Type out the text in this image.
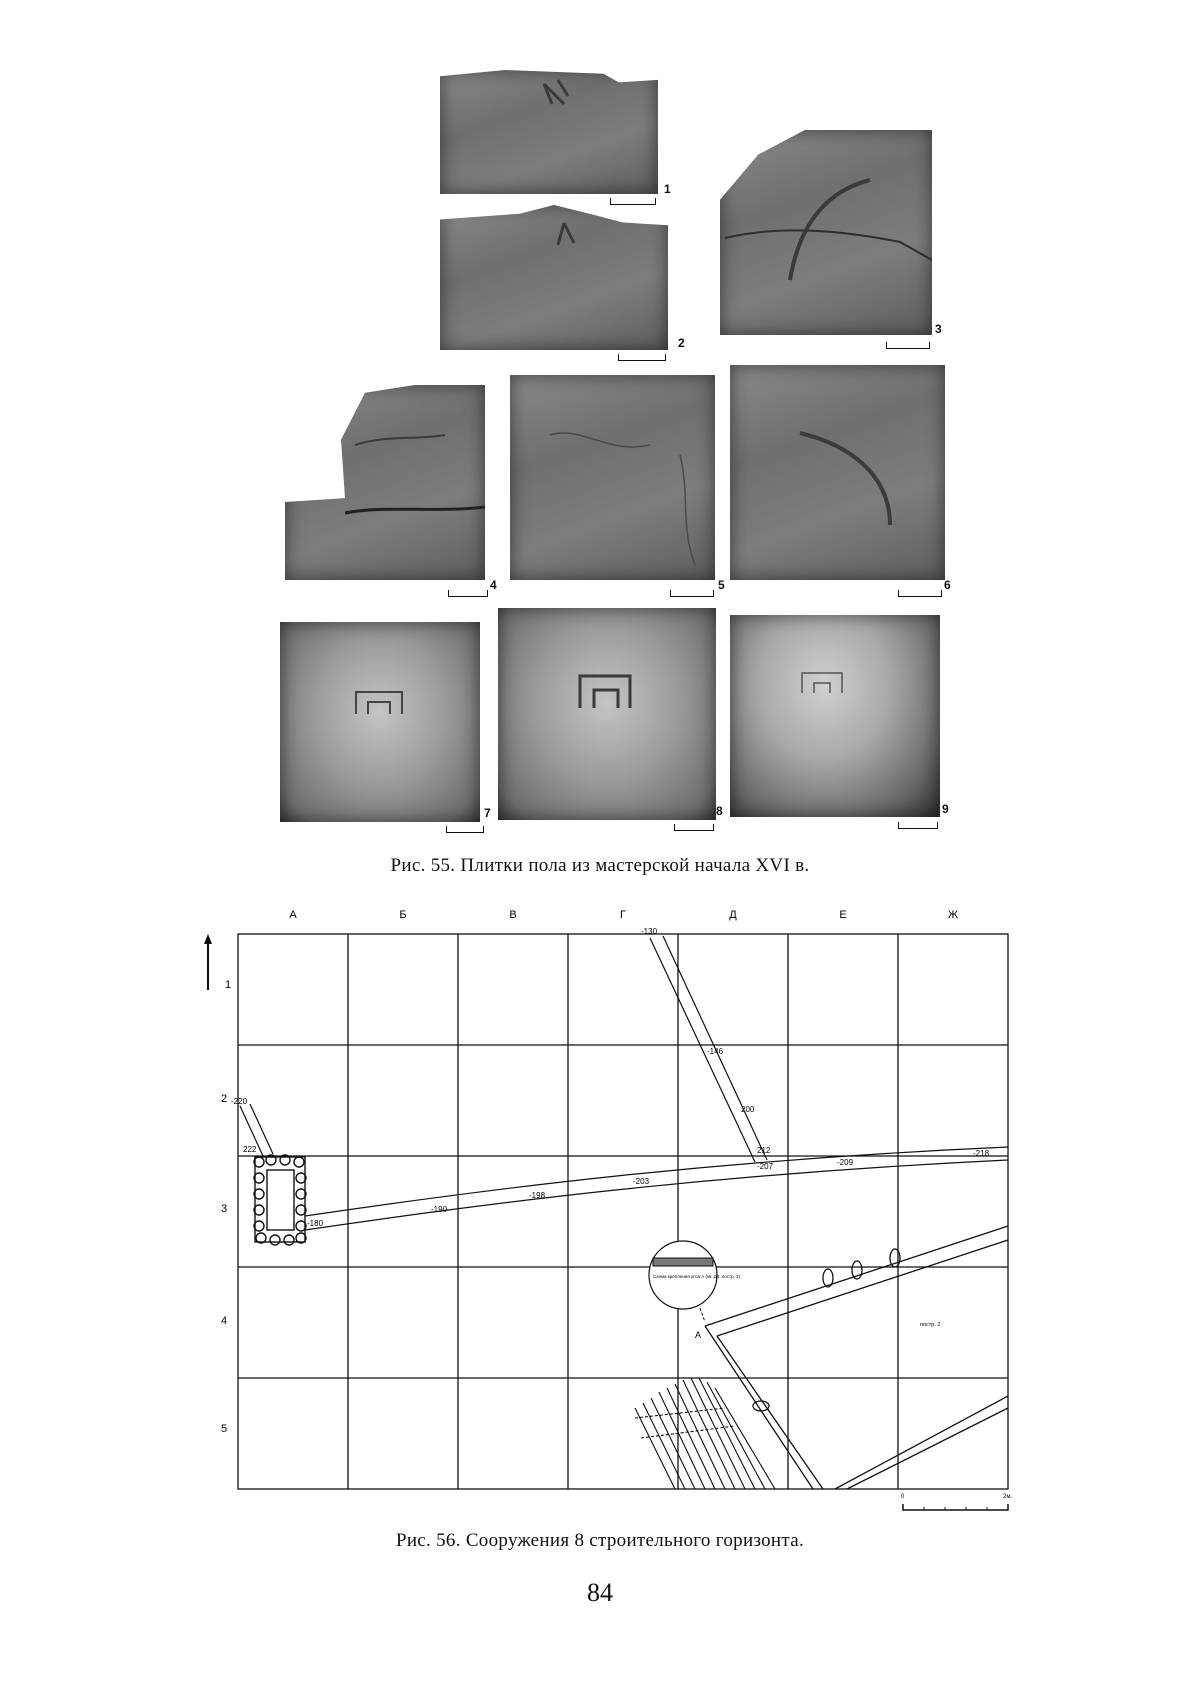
1
2
3
4	5	6
7	8	9
Рис. 55. Плитки пола из мастерской начала XVI в.
А	Б	В	Г	Д	Е	Ж
1
2
3
4
5
Схема крепления угла А (кв. Д4, постр. 2)
А
постр. 2
-130
-146
200
212
-207	-209
-218
-220
222
-180
-190
-198
-203
0	2м.
Рис. 56. Сооружения 8 строительного горизонта.
84
